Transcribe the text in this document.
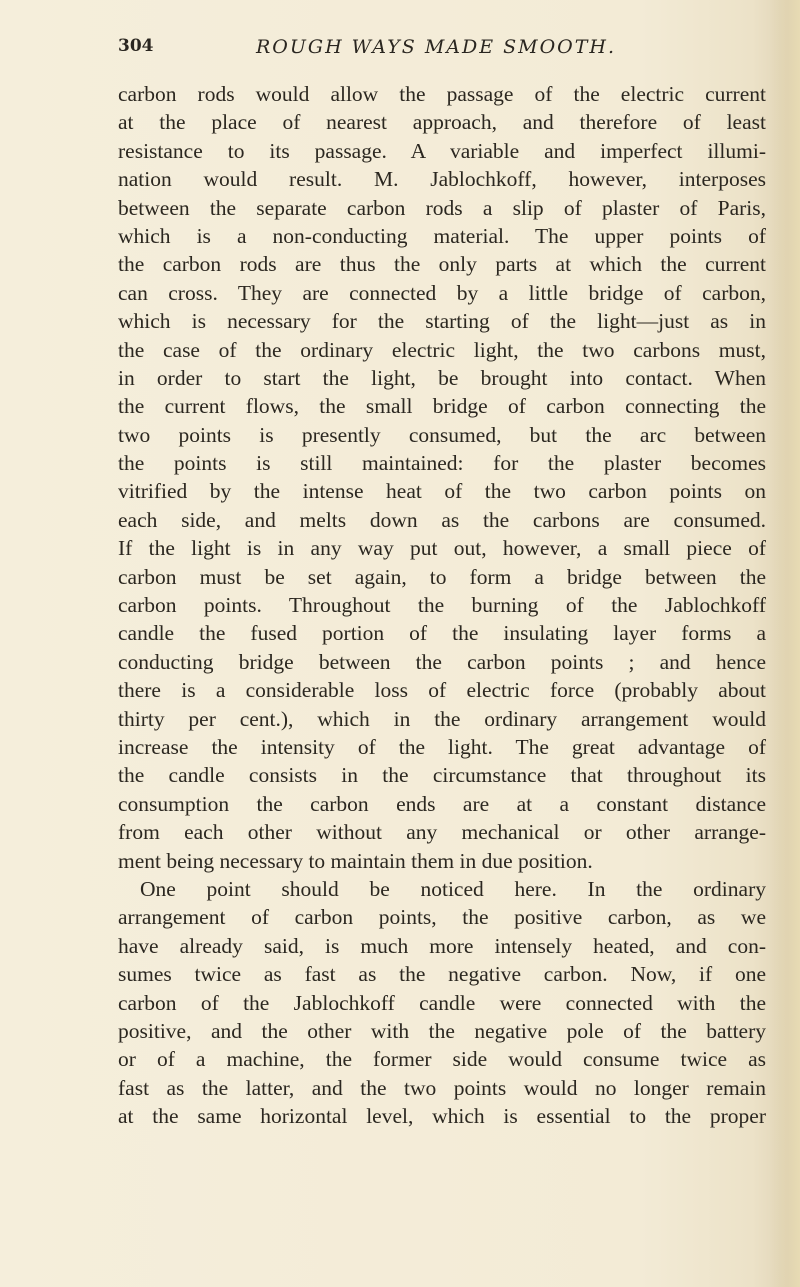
304	ROUGH WAYS MADE SMOOTH.
carbon rods would allow the passage of the electric current
at the place of nearest approach, and therefore of least
resistance to its passage. A variable and imperfect illumi-
nation would result. M. Jablochkoff, however, interposes
between the separate carbon rods a slip of plaster of Paris,
which is a non-conducting material. The upper points of
the carbon rods are thus the only parts at which the current
can cross. They are connected by a little bridge of carbon,
which is necessary for the starting of the light—just as in
the case of the ordinary electric light, the two carbons must,
in order to start the light, be brought into contact. When
the current flows, the small bridge of carbon connecting the
two points is presently consumed, but the arc between
the points is still maintained: for the plaster becomes
vitrified by the intense heat of the two carbon points on
each side, and melts down as the carbons are consumed.
If the light is in any way put out, however, a small piece of
carbon must be set again, to form a bridge between the
carbon points. Throughout the burning of the Jablochkoff
candle the fused portion of the insulating layer forms a
conducting bridge between the carbon points ; and hence
there is a considerable loss of electric force (probably about
thirty per cent.), which in the ordinary arrangement would
increase the intensity of the light. The great advantage of
the candle consists in the circumstance that throughout its
consumption the carbon ends are at a constant distance
from each other without any mechanical or other arrange-
ment being necessary to maintain them in due position.
One point should be noticed here. In the ordinary
arrangement of carbon points, the positive carbon, as we
have already said, is much more intensely heated, and con-
sumes twice as fast as the negative carbon. Now, if one
carbon of the Jablochkoff candle were connected with the
positive, and the other with the negative pole of the battery
or of a machine, the former side would consume twice as
fast as the latter, and the two points would no longer remain
at the same horizontal level, which is essential to the proper
